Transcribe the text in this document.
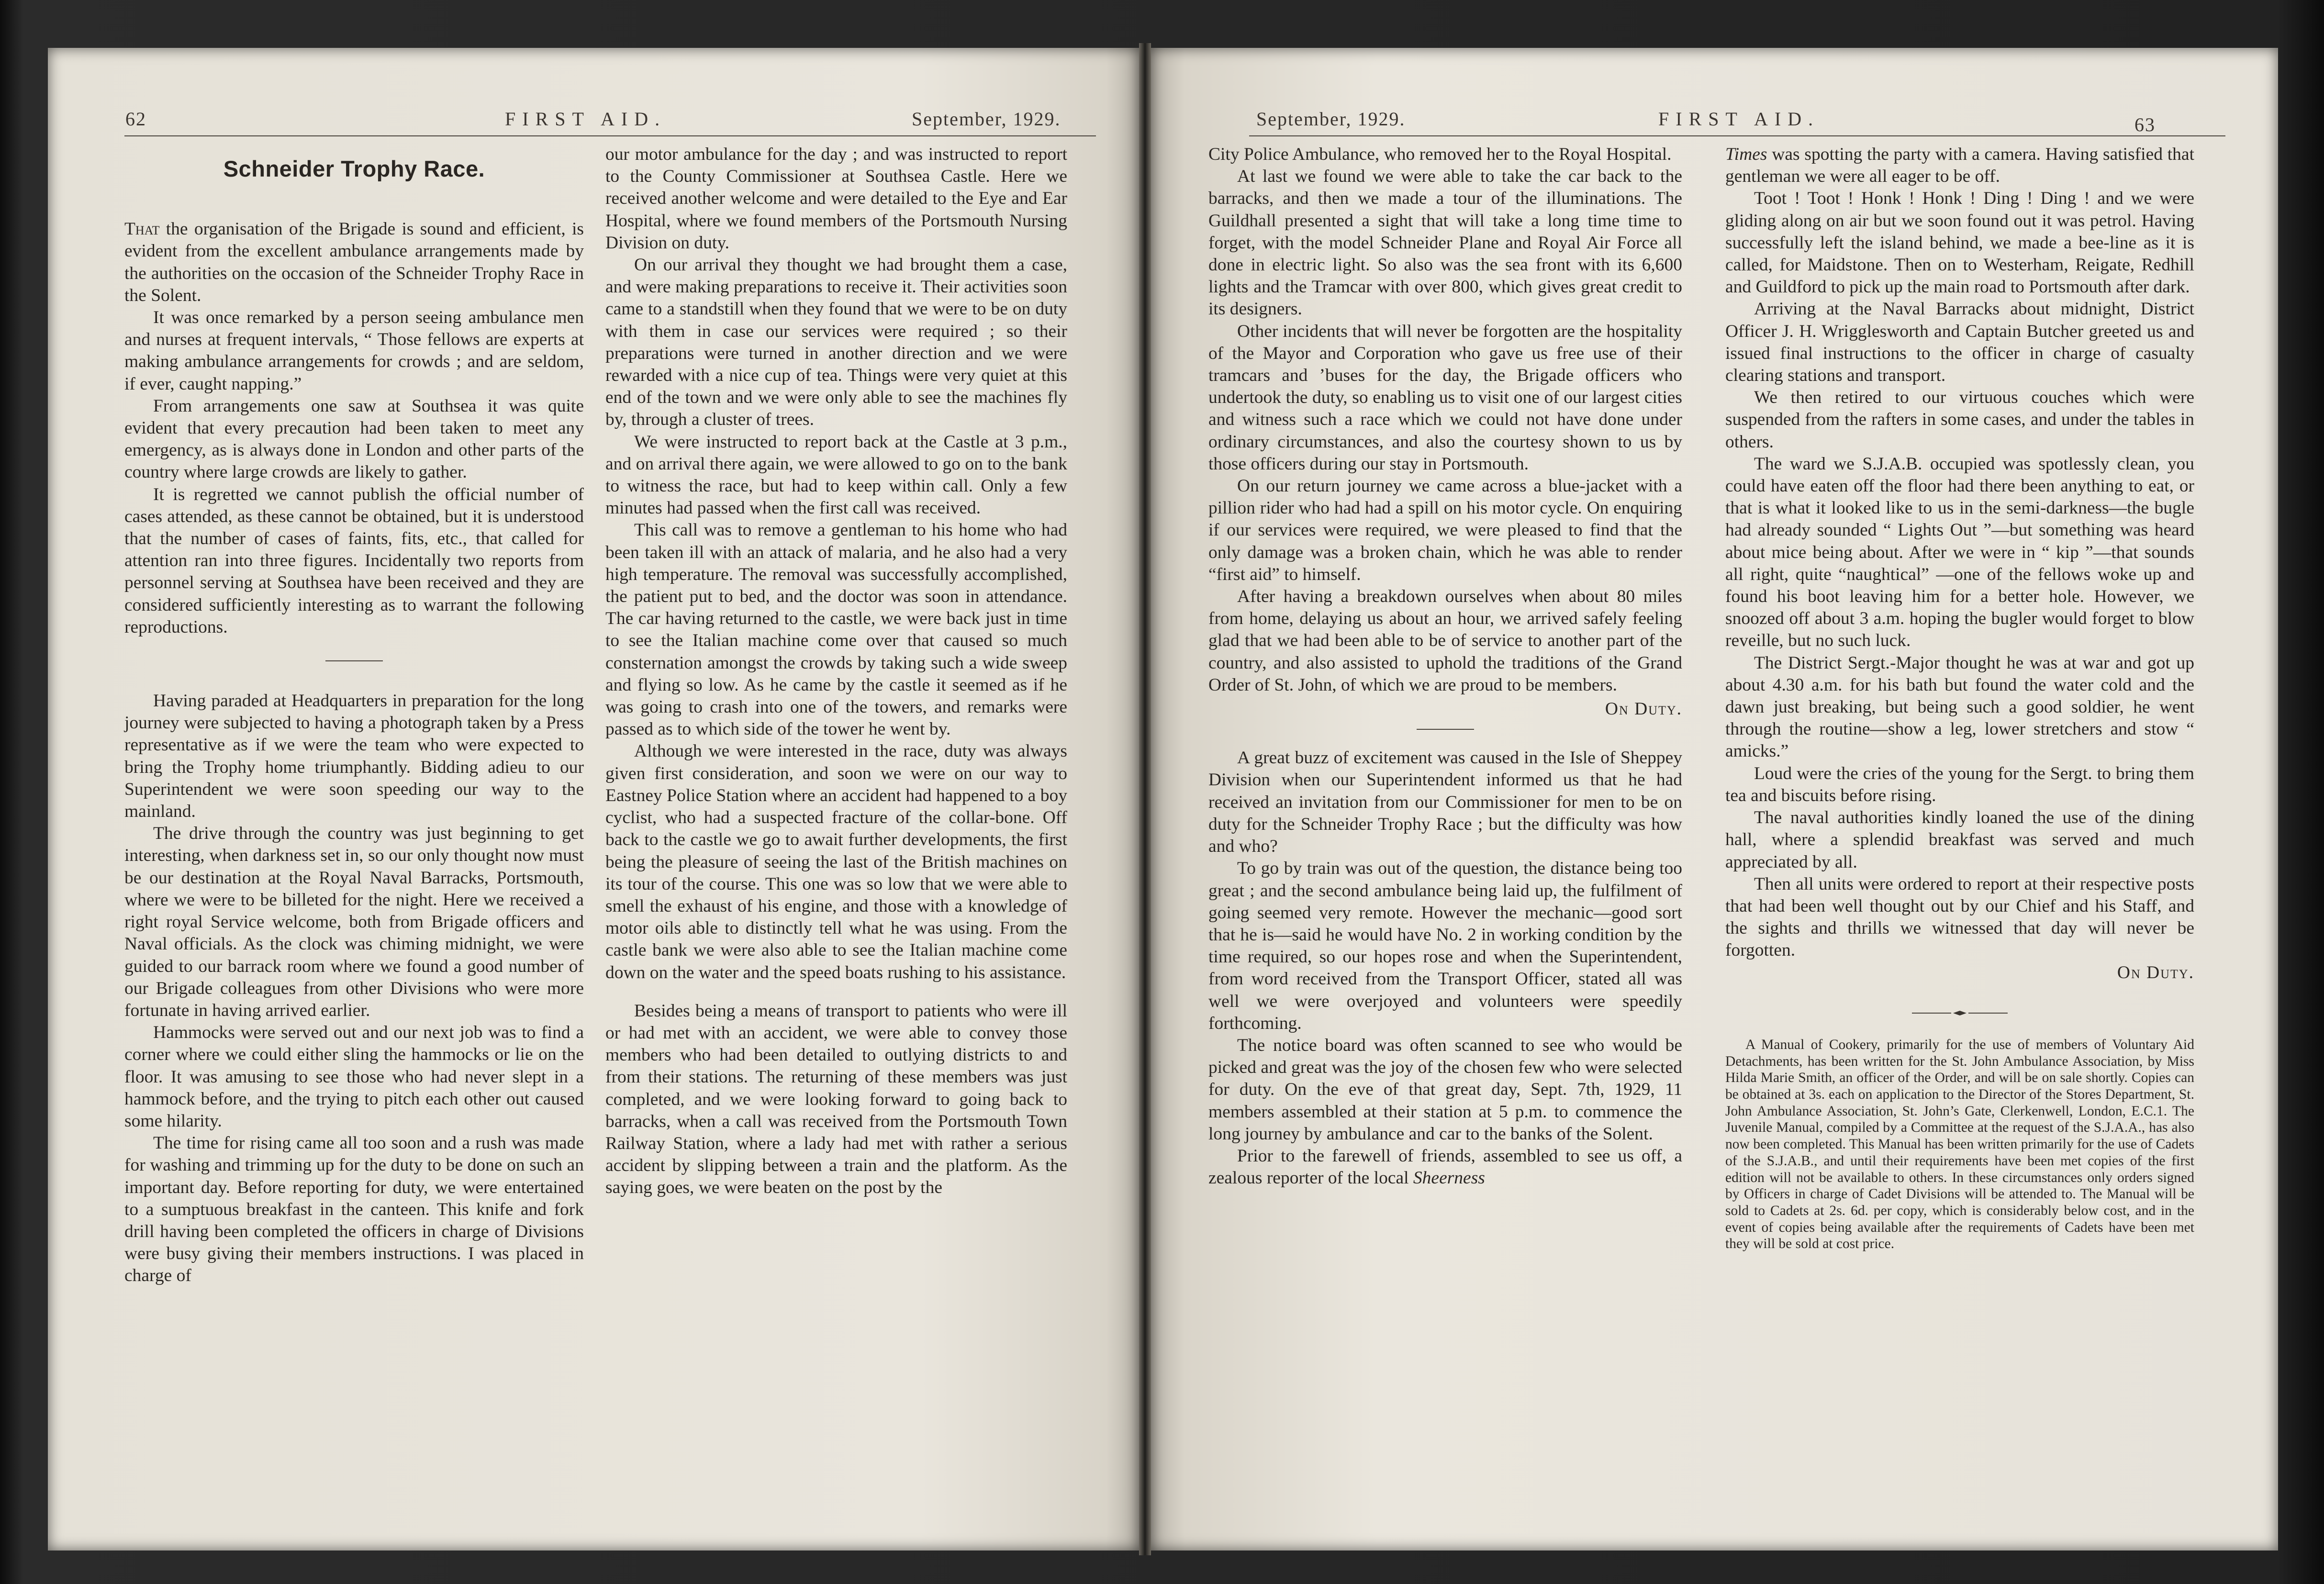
62	FIRST AID.	September, 1929.	September, 1929.	FIRST AID.	63
Schneider Trophy Race.

That the organisation of the Brigade is sound and efficient, is evident from the excellent ambulance arrangements made by the authorities on the occasion of the Schneider Trophy Race in the Solent.

It was once remarked by a person seeing ambulance men and nurses at frequent intervals, “ Those fellows are experts at making ambulance arrangements for crowds ; and are seldom, if ever, caught napping.”

From arrangements one saw at Southsea it was quite evident that every precaution had been taken to meet any emergency, as is always done in London and other parts of the country where large crowds are likely to gather.

It is regretted we cannot publish the official number of cases attended, as these cannot be obtained, but it is understood that the number of cases of faints, fits, etc., that called for attention ran into three figures. Incidentally two reports from personnel serving at Southsea have been received and they are considered sufficiently interesting as to warrant the following reproductions.

Having paraded at Headquarters in preparation for the long journey were subjected to having a photograph taken by a Press representative as if we were the team who were expected to bring the Trophy home triumphantly. Bidding adieu to our Superintendent we were soon speeding our way to the mainland.

The drive through the country was just beginning to get interesting, when darkness set in, so our only thought now must be our destination at the Royal Naval Barracks, Portsmouth, where we were to be billeted for the night. Here we received a right royal Service welcome, both from Brigade officers and Naval officials. As the clock was chiming midnight, we were guided to our barrack room where we found a good number of our Brigade colleagues from other Divisions who were more fortunate in having arrived earlier.

Hammocks were served out and our next job was to find a corner where we could either sling the hammocks or lie on the floor. It was amusing to see those who had never slept in a hammock before, and the trying to pitch each other out caused some hilarity.

The time for rising came all too soon and a rush was made for washing and trimming up for the duty to be done on such an important day. Before reporting for duty, we were entertained to a sumptuous breakfast in the canteen. This knife and fork drill having been completed the officers in charge of Divisions were busy giving their members instructions. I was placed in charge of

our motor ambulance for the day ; and was instructed to report to the County Commissioner at Southsea Castle. Here we received another welcome and were detailed to the Eye and Ear Hospital, where we found members of the Portsmouth Nursing Division on duty.

On our arrival they thought we had brought them a case, and were making preparations to receive it. Their activities soon came to a standstill when they found that we were to be on duty with them in case our services were required ; so their preparations were turned in another direction and we were rewarded with a nice cup of tea. Things were very quiet at this end of the town and we were only able to see the machines fly by, through a cluster of trees.

We were instructed to report back at the Castle at 3 p.m., and on arrival there again, we were allowed to go on to the bank to witness the race, but had to keep within call. Only a few minutes had passed when the first call was received.

This call was to remove a gentleman to his home who had been taken ill with an attack of malaria, and he also had a very high temperature. The removal was successfully accomplished, the patient put to bed, and the doctor was soon in attendance. The car having returned to the castle, we were back just in time to see the Italian machine come over that caused so much consternation amongst the crowds by taking such a wide sweep and flying so low. As he came by the castle it seemed as if he was going to crash into one of the towers, and remarks were passed as to which side of the tower he went by.

Although we were interested in the race, duty was always given first consideration, and soon we were on our way to Eastney Police Station where an accident had happened to a boy cyclist, who had a suspected fracture of the collar-bone. Off back to the castle we go to await further developments, the first being the pleasure of seeing the last of the British machines on its tour of the course. This one was so low that we were able to smell the exhaust of his engine, and those with a knowledge of motor oils able to distinctly tell what he was using. From the castle bank we were also able to see the Italian machine come down on the water and the speed boats rushing to his assistance.

Besides being a means of transport to patients who were ill or had met with an accident, we were able to convey those members who had been detailed to outlying districts to and from their stations. The returning of these members was just completed, and we were looking forward to going back to barracks, when a call was received from the Portsmouth Town Railway Station, where a lady had met with rather a serious accident by slipping between a train and the platform. As the saying goes, we were beaten on the post by the

City Police Ambulance, who removed her to the Royal Hospital.

At last we found we were able to take the car back to the barracks, and then we made a tour of the illuminations. The Guildhall presented a sight that will take a long time time to forget, with the model Schneider Plane and Royal Air Force all done in electric light. So also was the sea front with its 6,600 lights and the Tramcar with over 800, which gives great credit to its designers.

Other incidents that will never be forgotten are the hospitality of the Mayor and Corporation who gave us free use of their tramcars and ’buses for the day, the Brigade officers who undertook the duty, so enabling us to visit one of our largest cities and witness such a race which we could not have done under ordinary circumstances, and also the courtesy shown to us by those officers during our stay in Portsmouth.

On our return journey we came across a blue-jacket with a pillion rider who had had a spill on his motor cycle. On enquiring if our services were required, we were pleased to find that the only damage was a broken chain, which he was able to render “first aid” to himself.

After having a breakdown ourselves when about 80 miles from home, delaying us about an hour, we arrived safely feeling glad that we had been able to be of service to another part of the country, and also assisted to uphold the traditions of the Grand Order of St. John, of which we are proud to be members.

On Duty.

A great buzz of excitement was caused in the Isle of Sheppey Division when our Superintendent informed us that he had received an invitation from our Commissioner for men to be on duty for the Schneider Trophy Race ; but the difficulty was how and who?

To go by train was out of the question, the distance being too great ; and the second ambulance being laid up, the fulfilment of going seemed very remote. However the mechanic—good sort that he is—said he would have No. 2 in working condition by the time required, so our hopes rose and when the Superintendent, from word received from the Transport Officer, stated all was well we were overjoyed and volunteers were speedily forthcoming.

The notice board was often scanned to see who would be picked and great was the joy of the chosen few who were selected for duty. On the eve of that great day, Sept. 7th, 1929, 11 members assembled at their station at 5 p.m. to commence the long journey by ambulance and car to the banks of the Solent.

Prior to the farewell of friends, assembled to see us off, a zealous reporter of the local Sheerness

Times was spotting the party with a camera. Having satisfied that gentleman we were all eager to be off.

Toot ! Toot ! Honk ! Honk ! Ding ! Ding ! and we were gliding along on air but we soon found out it was petrol. Having successfully left the island behind, we made a bee-line as it is called, for Maidstone. Then on to Westerham, Reigate, Redhill and Guildford to pick up the main road to Portsmouth after dark.

Arriving at the Naval Barracks about midnight, District Officer J. H. Wrigglesworth and Captain Butcher greeted us and issued final instructions to the officer in charge of casualty clearing stations and transport.

We then retired to our virtuous couches which were suspended from the rafters in some cases, and under the tables in others.

The ward we S.J.A.B. occupied was spotlessly clean, you could have eaten off the floor had there been anything to eat, or that is what it looked like to us in the semi-darkness—the bugle had already sounded “ Lights Out ”—but something was heard about mice being about. After we were in “ kip ”—that sounds all right, quite “naughtical” —one of the fellows woke up and found his boot leaving him for a better hole. However, we snoozed off about 3 a.m. hoping the bugler would forget to blow reveille, but no such luck.

The District Sergt.-Major thought he was at war and got up about 4.30 a.m. for his bath but found the water cold and the dawn just breaking, but being such a good soldier, he went through the routine—show a leg, lower stretchers and stow “ amicks.”

Loud were the cries of the young for the Sergt. to bring them tea and biscuits before rising.

The naval authorities kindly loaned the use of the dining hall, where a splendid breakfast was served and much appreciated by all.

Then all units were ordered to report at their respective posts that had been well thought out by our Chief and his Staff, and the sights and thrills we witnessed that day will never be forgotten.

On Duty.

A Manual of Cookery, primarily for the use of members of Voluntary Aid Detachments, has been written for the St. John Ambulance Association, by Miss Hilda Marie Smith, an officer of the Order, and will be on sale shortly. Copies can be obtained at 3s. each on application to the Director of the Stores Department, St. John Ambulance Association, St. John’s Gate, Clerkenwell, London, E.C.1. The Juvenile Manual, compiled by a Committee at the request of the S.J.A.A., has also now been completed. This Manual has been written primarily for the use of Cadets of the S.J.A.B., and until their requirements have been met copies of the first edition will not be available to others. In these circumstances only orders signed by Officers in charge of Cadet Divisions will be attended to. The Manual will be sold to Cadets at 2s. 6d. per copy, which is considerably below cost, and in the event of copies being available after the requirements of Cadets have been met they will be sold at cost price.
